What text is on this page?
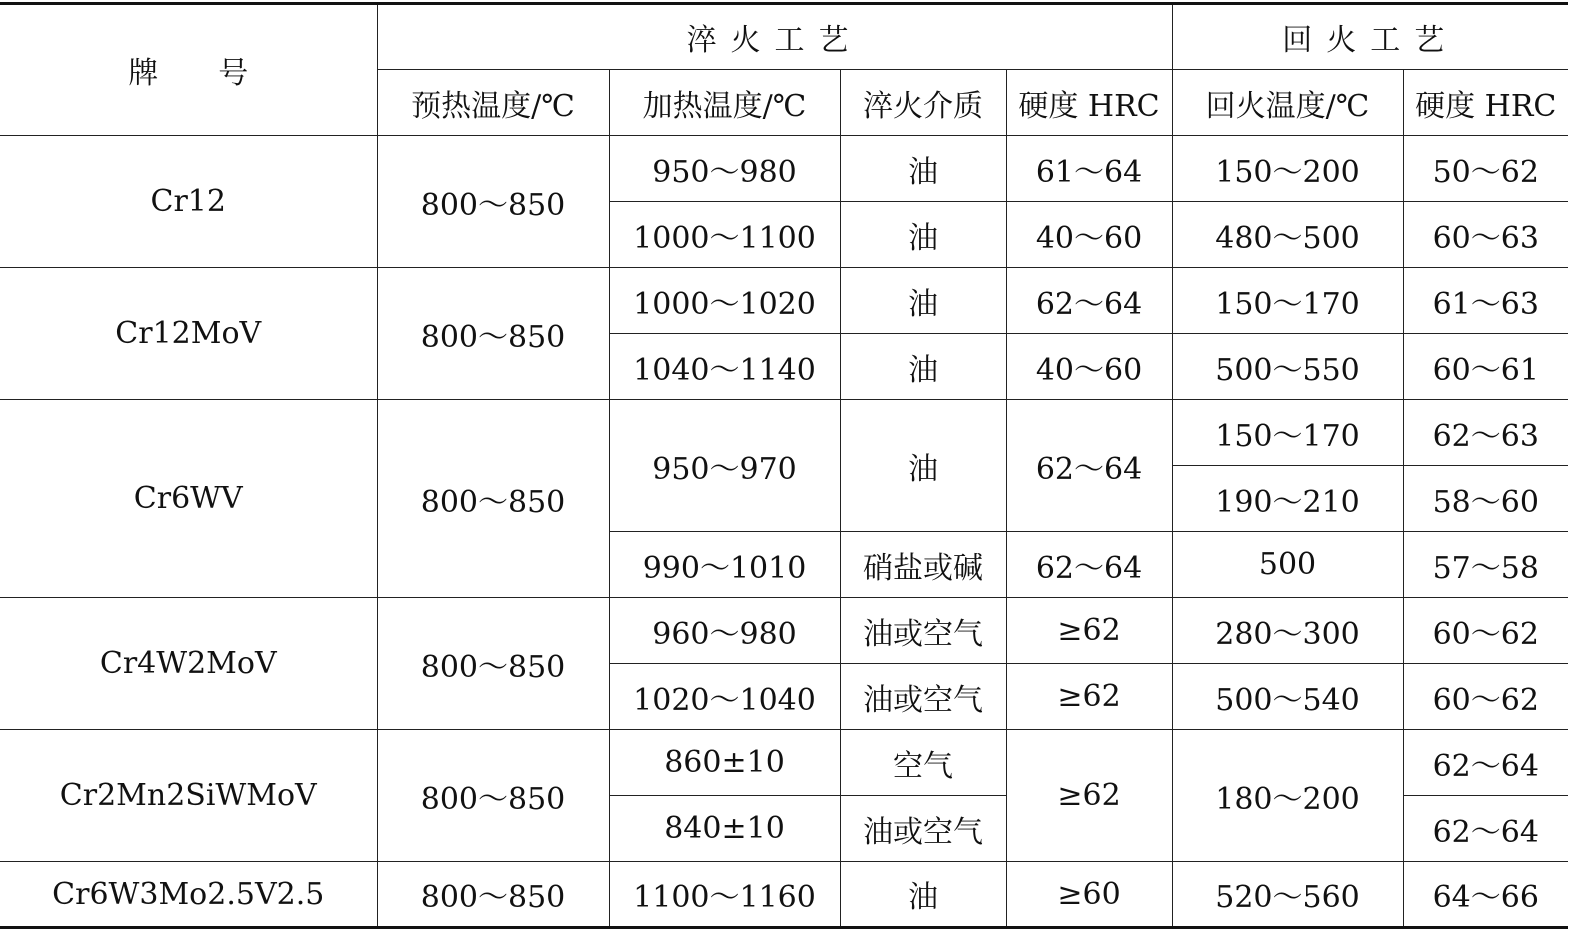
牌　　号	淬火工艺				回火工艺	
	预热温度/℃	加热温度/℃	淬火介质	硬度 HRC	回火温度/℃	硬度 HRC
Cr12	800～850	950～980	油	61～64	150～200	50～62
		1000～1100	油	40～60	480～500	60～63
Cr12MoV	800～850	1000～1020	油	62～64	150～170	61～63
		1040～1140	油	40～60	500～550	60～61
Cr6WV	800～850	950～970	油	62～64	150～170	62～63
					190～210	58～60
		990～1010	硝盐或碱	62～64	500	57～58
Cr4W2MoV	800～850	960～980	油或空气	≥62	280～300	60～62
		1020～1040	油或空气	≥62	500～540	60～62
Cr2Mn2SiWMoV	800～850	860±10	空气	≥62	180～200	62～64
		840±10	油或空气			62～64
Cr6W3Mo2.5V2.5	800～850	1100～1160	油	≥60	520～560	64～66
